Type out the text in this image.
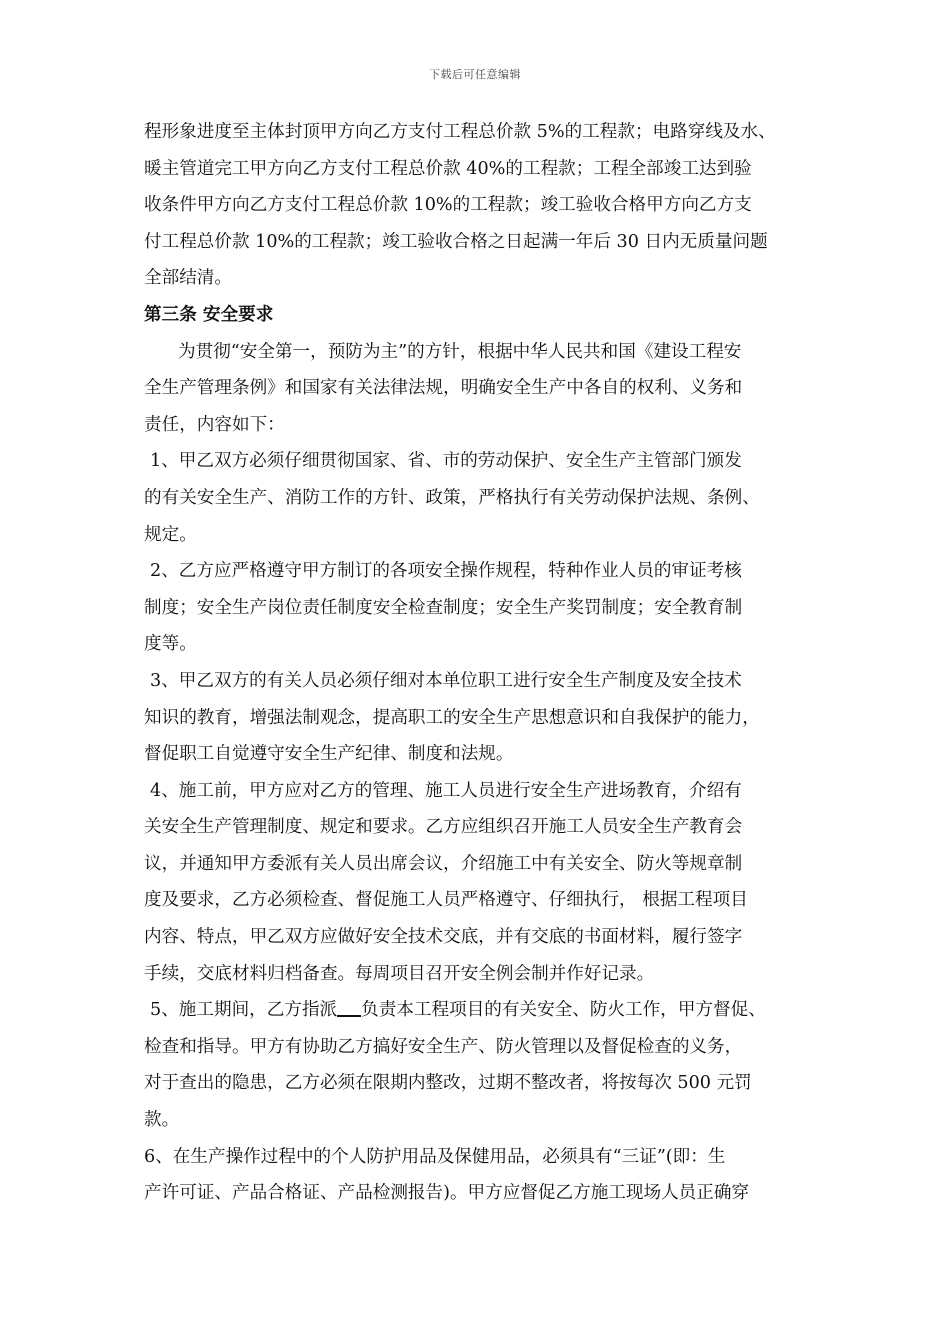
下载后可任意编辑
程形象进度至主体封顶甲方向乙方支付工程总价款 5%的工程款；电路穿线及水、
暖主管道完工甲方向乙方支付工程总价款 40%的工程款；工程全部竣工达到验
收条件甲方向乙方支付工程总价款 10%的工程款；竣工验收合格甲方向乙方支
付工程总价款 10%的工程款；竣工验收合格之日起满一年后 30 日内无质量问题
全部结清。
第三条 安全要求
为贯彻“安全第一，预防为主”的方针，根据中华人民共和国《建设工程安
全生产管理条例》和国家有关法律法规，明确安全生产中各自的权利、义务和
责任，内容如下：
1、甲乙双方必须仔细贯彻国家、省、市的劳动保护、安全生产主管部门颁发
的有关安全生产、消防工作的方针、政策，严格执行有关劳动保护法规、条例、
规定。
2、乙方应严格遵守甲方制订的各项安全操作规程，特种作业人员的审证考核
制度；安全生产岗位责任制度安全检查制度；安全生产奖罚制度；安全教育制
度等。
3、甲乙双方的有关人员必须仔细对本单位职工进行安全生产制度及安全技术
知识的教育，增强法制观念，提高职工的安全生产思想意识和自我保护的能力，
督促职工自觉遵守安全生产纪律、制度和法规。
4、施工前，甲方应对乙方的管理、施工人员进行安全生产进场教育，介绍有
关安全生产管理制度、规定和要求。乙方应组织召开施工人员安全生产教育会
议，并通知甲方委派有关人员出席会议，介绍施工中有关安全、防火等规章制
度及要求，乙方必须检查、督促施工人员严格遵守、仔细执行， 根据工程项目
内容、特点，甲乙双方应做好安全技术交底，并有交底的书面材料，履行签字
手续，交底材料归档备查。每周项目召开安全例会制并作好记录。
5、施工期间，乙方指派 负责本工程项目的有关安全、防火工作，甲方督促、
检查和指导。甲方有协助乙方搞好安全生产、防火管理以及督促检查的义务，
对于查出的隐患，乙方必须在限期内整改，过期不整改者，将按每次 500 元罚
款。
6、在生产操作过程中的个人防护用品及保健用品，必须具有“三证”(即：生
产许可证、产品合格证、产品检测报告)。甲方应督促乙方施工现场人员正确穿
